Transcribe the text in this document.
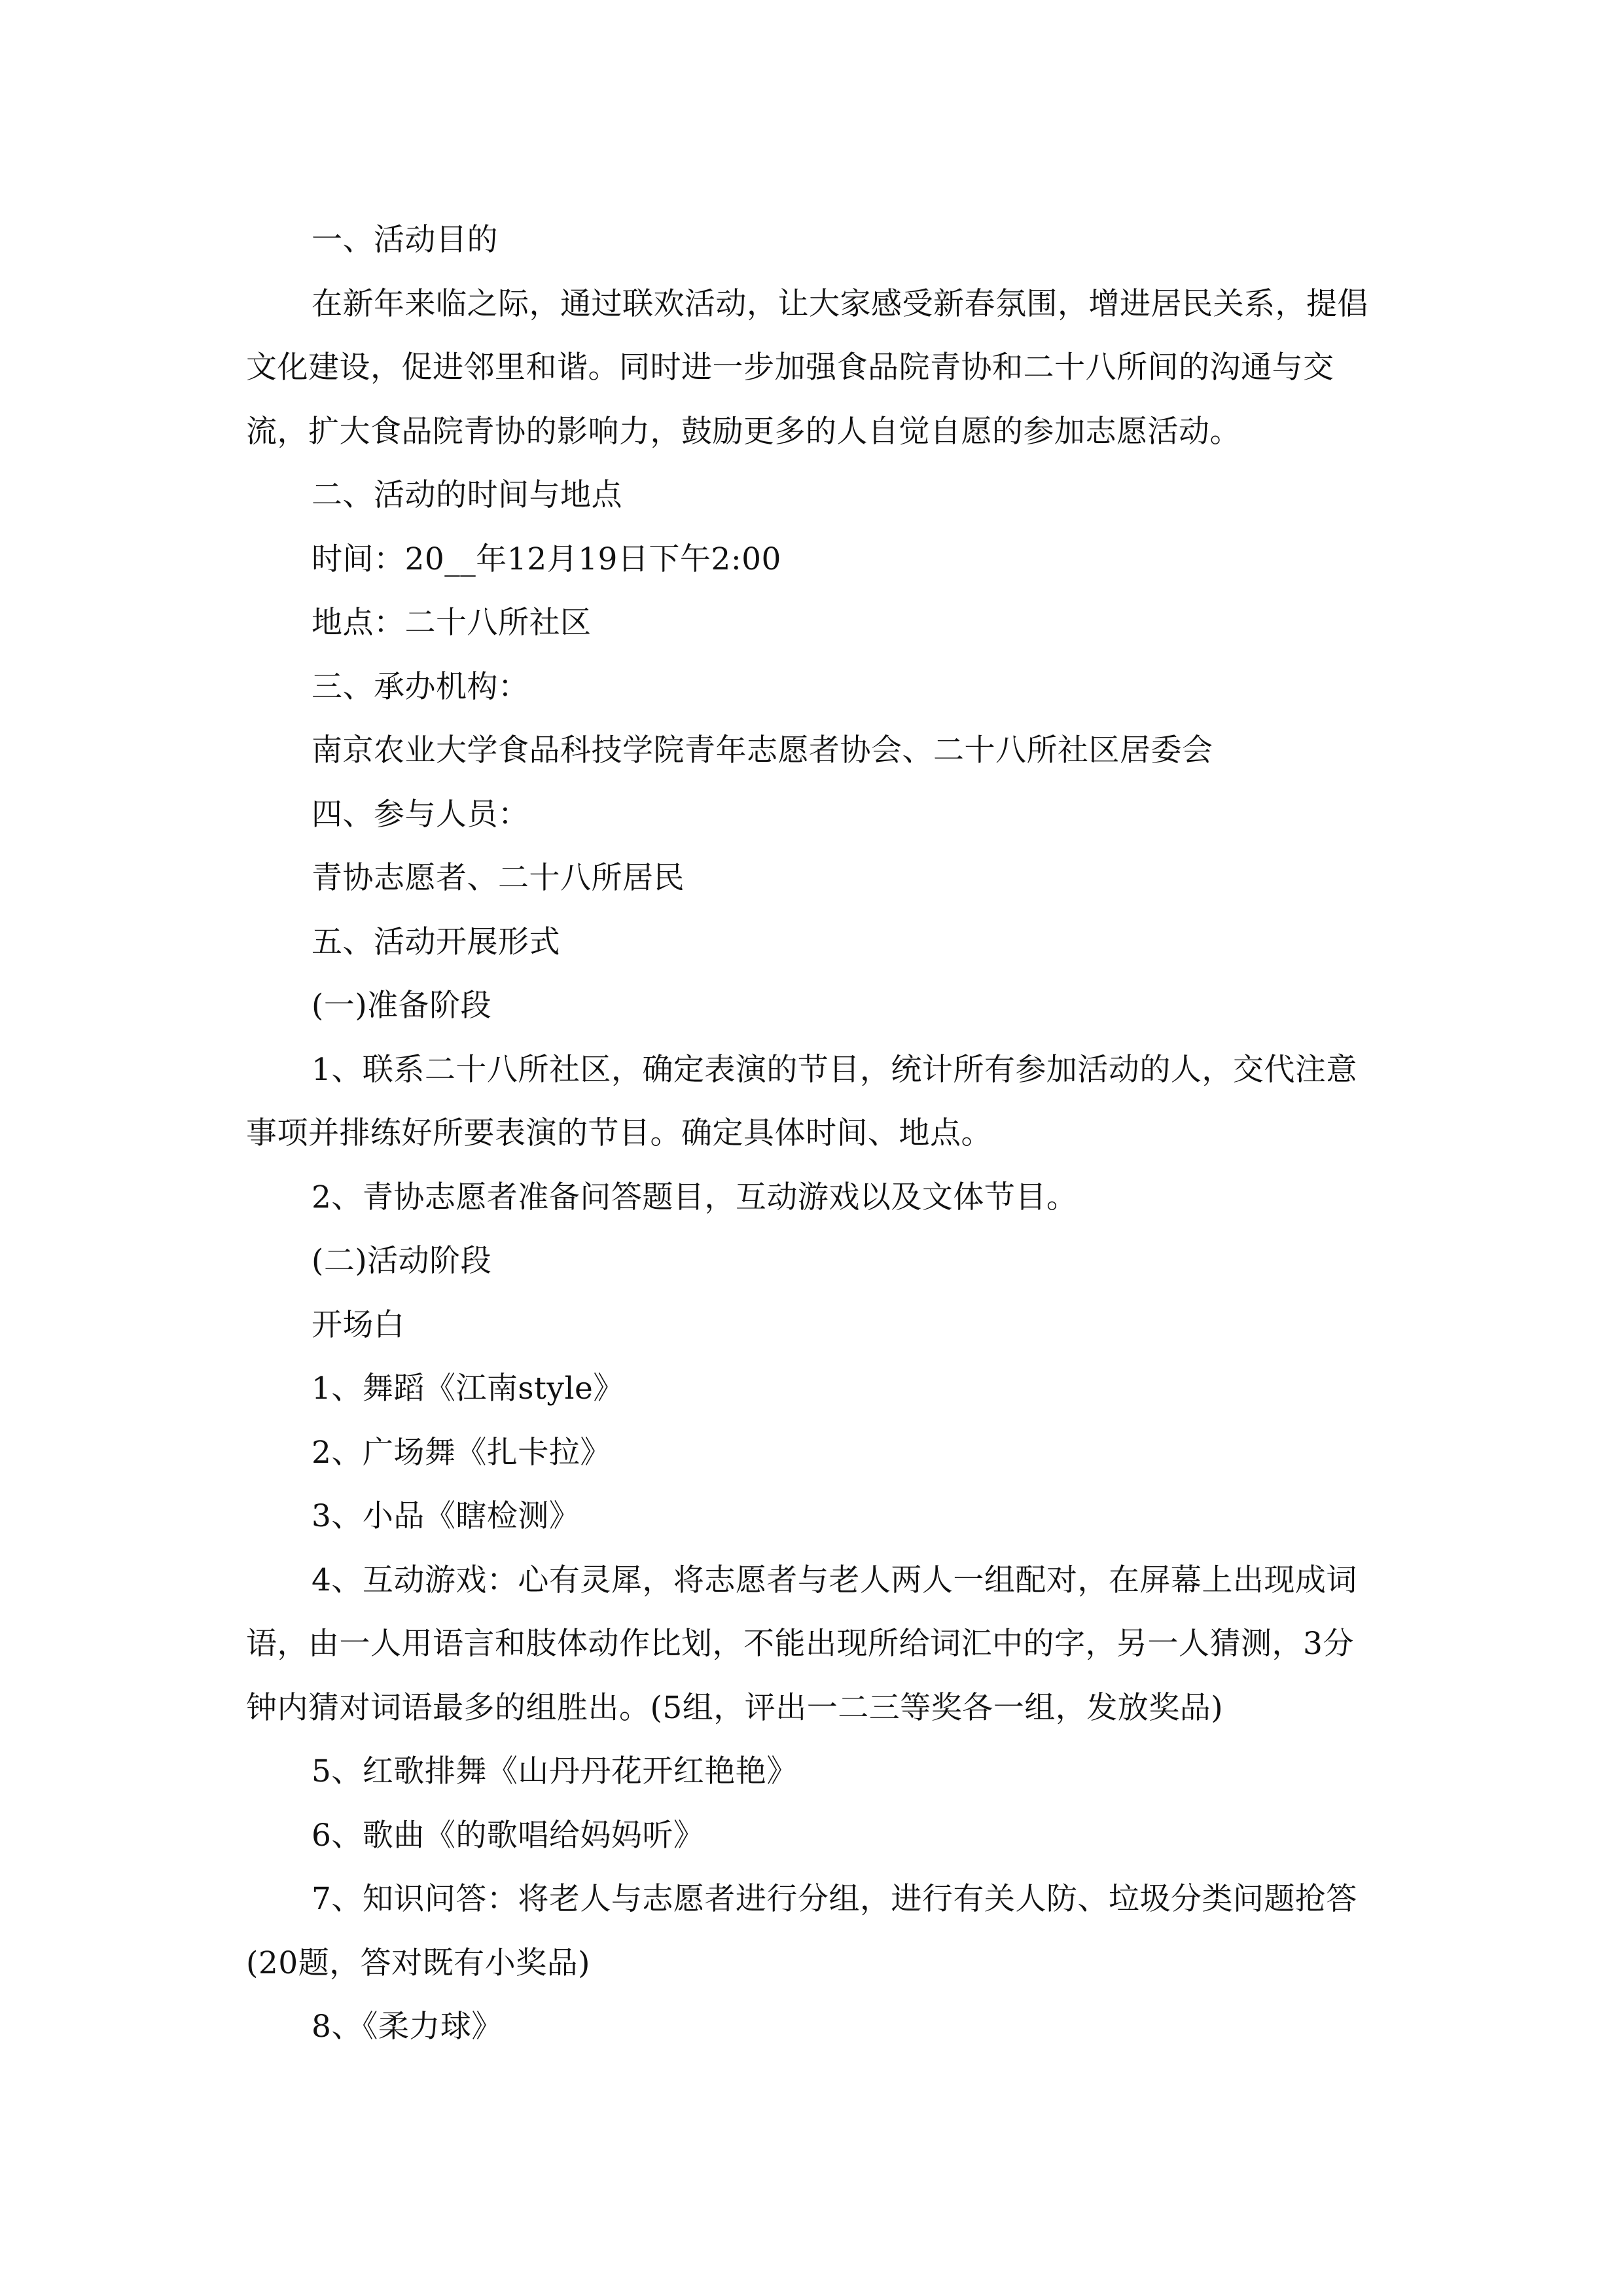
一、活动目的

在新年来临之际，通过联欢活动，让大家感受新春氛围，增进居民关系，提倡文化建设，促进邻里和谐。同时进一步加强食品院青协和二十八所间的沟通与交流，扩大食品院青协的影响力，鼓励更多的人自觉自愿的参加志愿活动。

二、活动的时间与地点

时间：20__年12月19日下午2:00

地点：二十八所社区

三、承办机构：

南京农业大学食品科技学院青年志愿者协会、二十八所社区居委会

四、参与人员：

青协志愿者、二十八所居民

五、活动开展形式

(一)准备阶段

1、联系二十八所社区，确定表演的节目，统计所有参加活动的人，交代注意事项并排练好所要表演的节目。确定具体时间、地点。

2、青协志愿者准备问答题目，互动游戏以及文体节目。

(二)活动阶段

开场白

1、舞蹈《江南style》

2、广场舞《扎卡拉》

3、小品《瞎检测》

4、互动游戏：心有灵犀，将志愿者与老人两人一组配对，在屏幕上出现成词语，由一人用语言和肢体动作比划，不能出现所给词汇中的字，另一人猜测，3分钟内猜对词语最多的组胜出。(5组，评出一二三等奖各一组，发放奖品)

5、红歌排舞《山丹丹花开红艳艳》

6、歌曲《的歌唱给妈妈听》

7、知识问答：将老人与志愿者进行分组，进行有关人防、垃圾分类问题抢答(20题，答对既有小奖品)

8、《柔力球》
